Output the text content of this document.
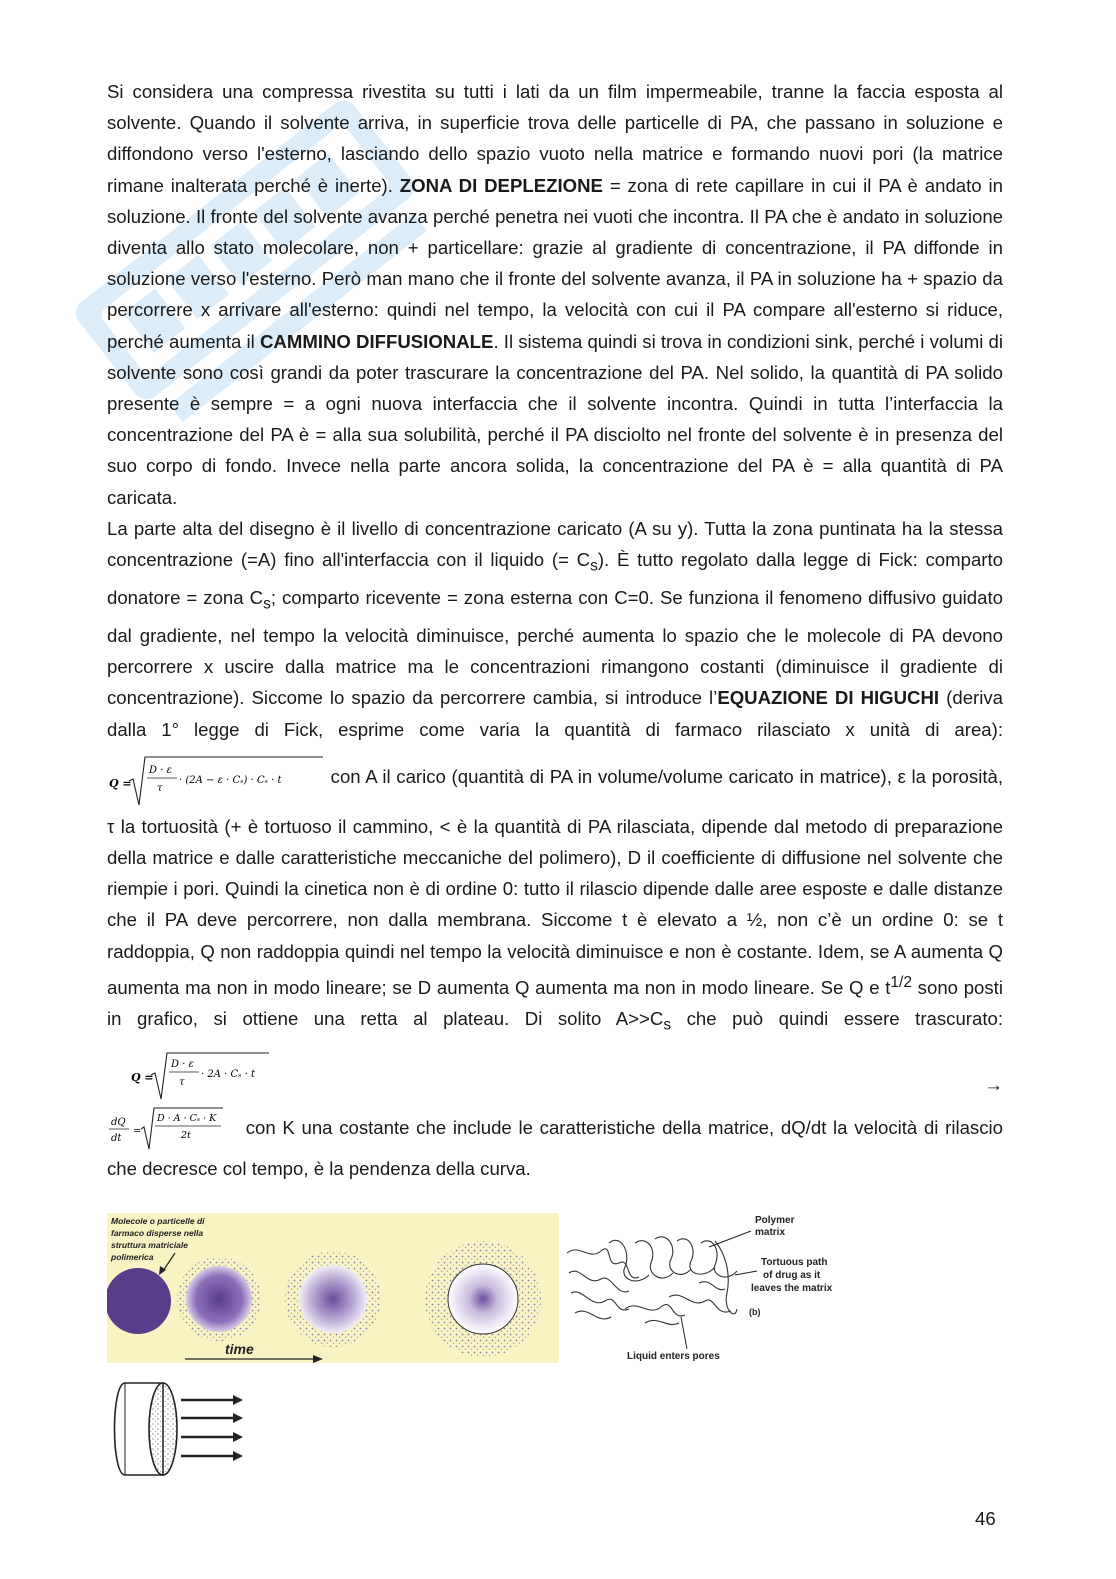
Si considera una compressa rivestita su tutti i lati da un film impermeabile, tranne la faccia esposta al solvente. Quando il solvente arriva, in superficie trova delle particelle di PA, che passano in soluzione e diffondono verso l'esterno, lasciando dello spazio vuoto nella matrice e formando nuovi pori (la matrice rimane inalterata perché è inerte). ZONA DI DEPLEZIONE = zona di rete capillare in cui il PA è andato in soluzione. Il fronte del solvente avanza perché penetra nei vuoti che incontra. Il PA che è andato in soluzione diventa allo stato molecolare, non + particellare: grazie al gradiente di concentrazione, il PA diffonde in soluzione verso l'esterno. Però man mano che il fronte del solvente avanza, il PA in soluzione ha + spazio da percorrere x arrivare all'esterno: quindi nel tempo, la velocità con cui il PA compare all'esterno si riduce, perché aumenta il CAMMINO DIFFUSIONALE. Il sistema quindi si trova in condizioni sink, perché i volumi di solvente sono così grandi da poter trascurare la concentrazione del PA. Nel solido, la quantità di PA solido presente è sempre = a ogni nuova interfaccia che il solvente incontra. Quindi in tutta l’interfaccia la concentrazione del PA è = alla sua solubilità, perché il PA disciolto nel fronte del solvente è in presenza del suo corpo di fondo. Invece nella parte ancora solida, la concentrazione del PA è = alla quantità di PA caricata.

La parte alta del disegno è il livello di concentrazione caricato (A su y). Tutta la zona puntinata ha la stessa concentrazione (=A) fino all'interfaccia con il liquido (= $C_s$). È tutto regolato dalla legge di Fick: comparto donatore = zona $C_s$; comparto ricevente = zona esterna con C=0. Se funziona il fenomeno diffusivo guidato dal gradiente, nel tempo la velocità diminuisce, perché aumenta lo spazio che le molecole di PA devono percorrere x uscire dalla matrice ma le concentrazioni rimangono costanti (diminuisce il gradiente di concentrazione). Siccome lo spazio da percorrere cambia, si introduce l’EQUAZIONE DI HIGUCHI (deriva dalla 1° legge di Fick, esprime come varia la quantità di farmaco rilasciato x unità di area):
Q =
D · ε
τ
· (2A − ε · Cₛ) · Cₛ · t con A il carico (quantità di PA in volume/volume caricato in matrice), ε la porosità, τ la tortuosità (+ è tortuoso il cammino, < è la quantità di PA rilasciata, dipende dal metodo di preparazione della matrice e dalle caratteristiche meccaniche del polimero), D il coefficiente di diffusione nel solvente che riempie i pori. Quindi la cinetica non è di ordine 0: tutto il rilascio dipende dalle aree esposte e dalle distanze che il PA deve percorrere, non dalla membrana. Siccome t è elevato a ½, non c’è un ordine 0: se t raddoppia, Q non raddoppia quindi nel tempo la velocità diminuisce e non è costante. Idem, se A aumenta Q aumenta ma non in modo lineare; se D aumenta Q aumenta ma non in modo lineare. Se Q e $t^{1/2}$ sono posti in grafico, si ottiene una retta al plateau. Di solito $A>>C_s$ che può quindi essere trascurato:
Q =
D · ε
τ
· 2A · Cₛ · t	→

dQ
dt
=
D · A · Cₛ · K
2t	con K una costante che include le caratteristiche della matrice, dQ/dt la velocità di rilascio che decresce col tempo, è la pendenza della curva.

Molecole o particelle di
farmaco disperse nella
struttura matriciale
polimerica
time
Polymer
matrix
Tortuous path
of drug as it
leaves the matrix
(b)
Liquid enters pores
46
